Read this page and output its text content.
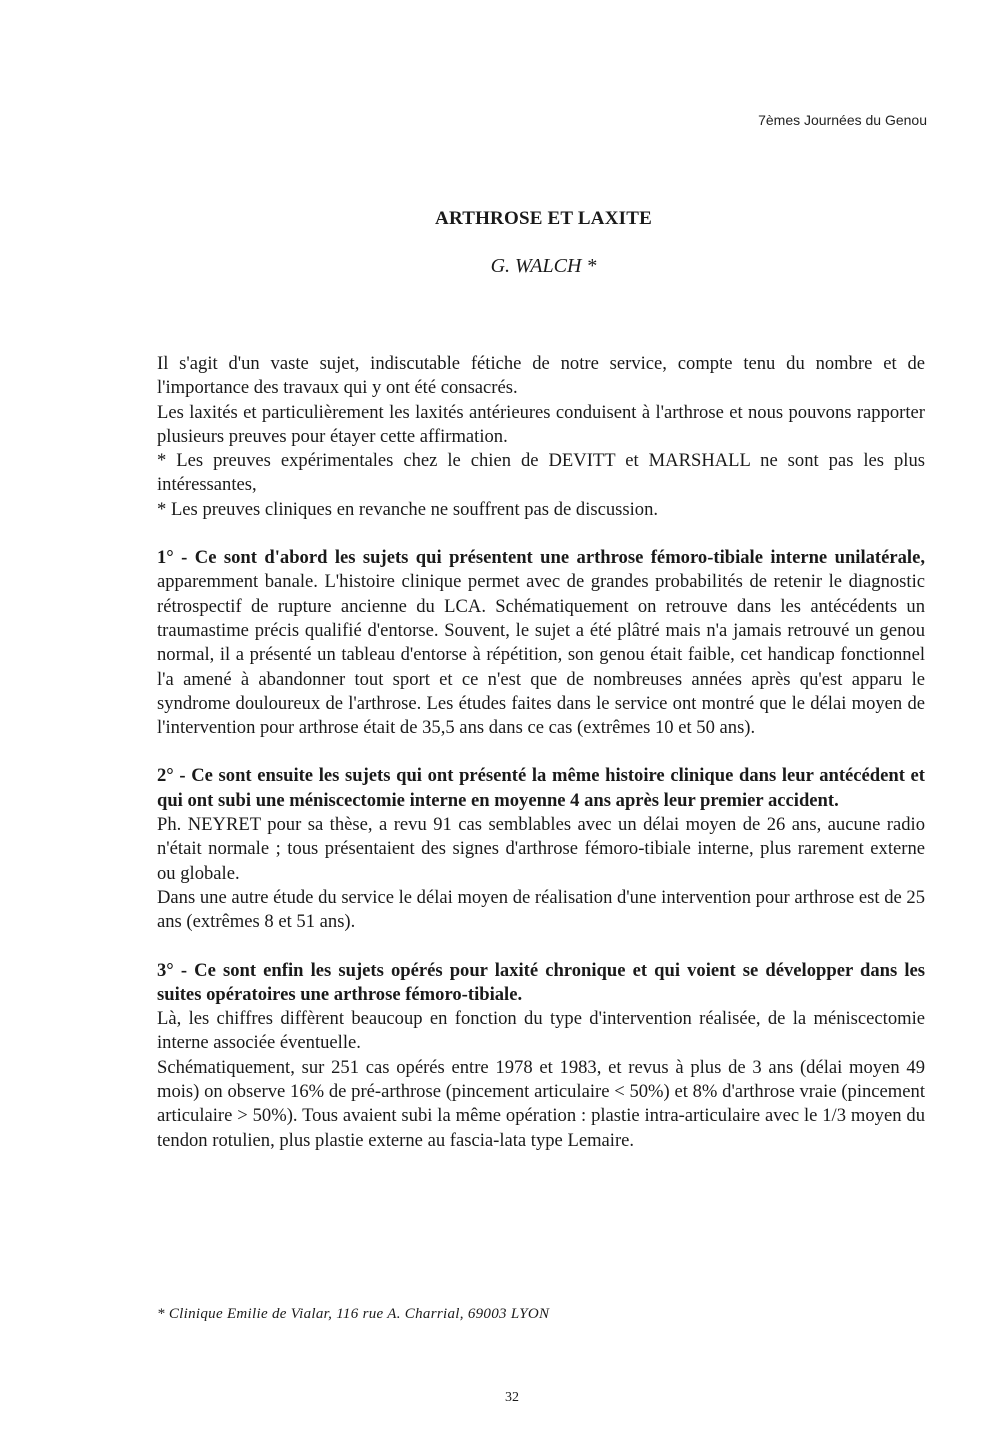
7èmes Journées du Genou
ARTHROSE ET LAXITE
G. WALCH *

Il s'agit d'un vaste sujet, indiscutable fétiche de notre service, compte tenu du nombre et de l'importance des travaux qui y ont été consacrés.

Les laxités et particulièrement les laxités antérieures conduisent à l'arthrose et nous pouvons rapporter plusieurs preuves pour étayer cette affirmation.

* Les preuves expérimentales chez le chien de DEVITT et MARSHALL ne sont pas les plus intéressantes,

* Les preuves cliniques en revanche ne souffrent pas de discussion.

1° - Ce sont d'abord les sujets qui présentent une arthrose fémoro-tibiale interne unilatérale, apparemment banale. L'histoire clinique permet avec de grandes probabilités de retenir le diagnostic rétrospectif de rupture ancienne du LCA. Schématiquement on retrouve dans les antécédents un traumastime précis qualifié d'entorse. Souvent, le sujet a été plâtré mais n'a jamais retrouvé un genou normal, il a présenté un tableau d'entorse à répétition, son genou était faible, cet handicap fonctionnel l'a amené à abandonner tout sport et ce n'est que de nombreuses années après qu'est apparu le syndrome douloureux de l'arthrose. Les études faites dans le service ont montré que le délai moyen de l'intervention pour arthrose était de 35,5 ans dans ce cas (extrêmes 10 et 50 ans).

2° - Ce sont ensuite les sujets qui ont présenté la même histoire clinique dans leur antécédent et qui ont subi une méniscectomie interne en moyenne 4 ans après leur premier accident.

Ph. NEYRET pour sa thèse, a revu 91 cas semblables avec un délai moyen de 26 ans, aucune radio n'était normale ; tous présentaient des signes d'arthrose fémoro-tibiale interne, plus rarement externe ou globale.

Dans une autre étude du service le délai moyen de réalisation d'une intervention pour arthrose est de 25 ans (extrêmes 8 et 51 ans).

3° - Ce sont enfin les sujets opérés pour laxité chronique et qui voient se développer dans les suites opératoires une arthrose fémoro-tibiale.

Là, les chiffres diffèrent beaucoup en fonction du type d'intervention réalisée, de la méniscectomie interne associée éventuelle.

Schématiquement, sur 251 cas opérés entre 1978 et 1983, et revus à plus de 3 ans (délai moyen 49 mois) on observe 16% de pré-arthrose (pincement articulaire < 50%) et 8% d'arthrose vraie (pincement articulaire > 50%). Tous avaient subi la même opération : plastie intra-articulaire avec le 1/3 moyen du tendon rotulien, plus plastie externe au fascia-lata type Lemaire.

* Clinique Emilie de Vialar, 116 rue A. Charrial, 69003 LYON
32
